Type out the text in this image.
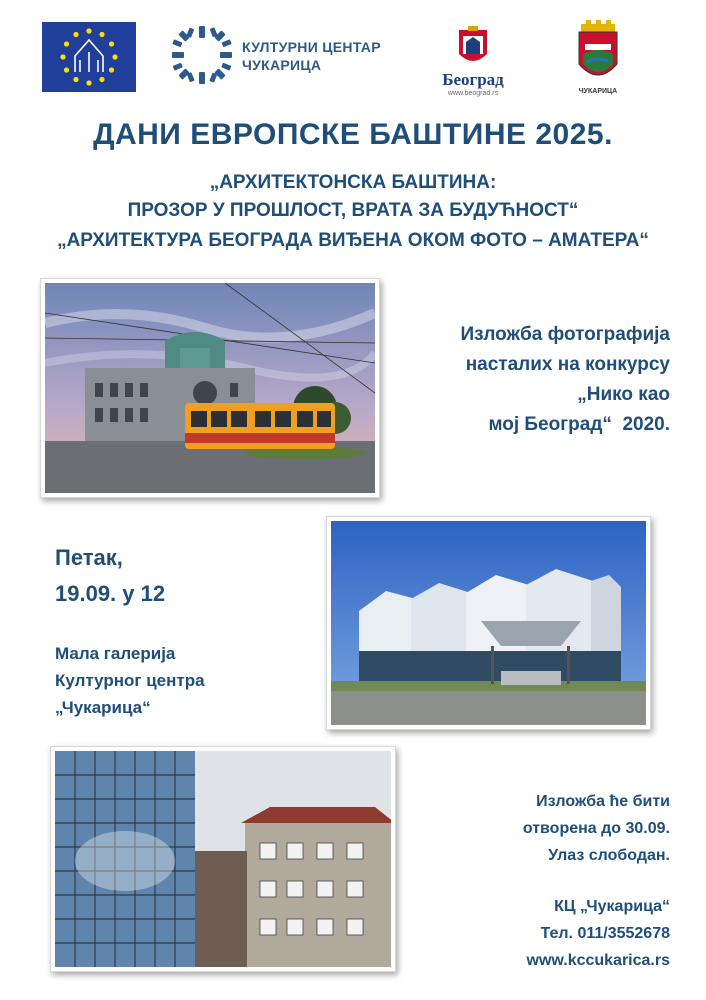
КУЛТУРНИ ЦЕНТАР
ЧУКАРИЦА
Београд
www.beograd.rs	ЧУКАРИЦА
ДАНИ ЕВРОПСКЕ БАШТИНЕ 2025.
„АРХИТЕКТОНСКА БАШТИНА:
ПРОЗОР У ПРОШЛОСТ, ВРАТА ЗА БУДУЋНОСТ“
„АРХИТЕКТУРА БЕОГРАДА ВИЂЕНА ОКОМ ФОТО – АМАТЕРА“
Изложба фотографија
насталих на конкурсу
„Нико као
мој Београд“  2020.
Петак,
19.09. у 12
Мала галерија
Културног центра
„Чукарица“
Изложба ће бити
отворена до 30.09.
Улаз слободан.
КЦ „Чукарица“
Тел. 011/3552678
www.kccukarica.rs
